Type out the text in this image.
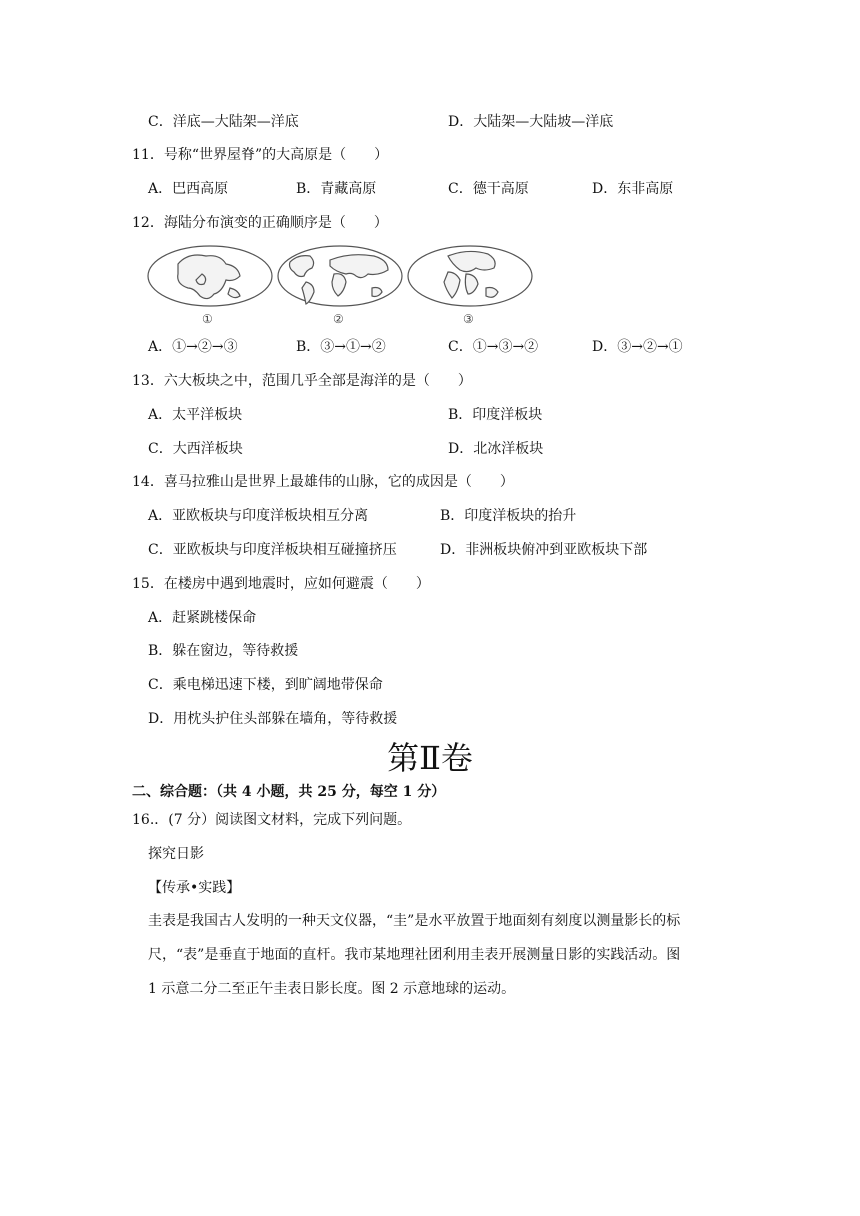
C．洋底—大陆架—洋底	D．大陆架—大陆坡—洋底
11．号称“世界屋脊”的大高原是（　　）
A．巴西高原	B．青藏高原	C．德干高原	D．东非高原
12．海陆分布演变的正确顺序是（　　）
①	②	③
A．①→②→③	B．③→①→②	C．①→③→②	D．③→②→①
13．六大板块之中，范围几乎全部是海洋的是（　　）
A．太平洋板块	B．印度洋板块
C．大西洋板块	D．北冰洋板块
14．喜马拉雅山是世界上最雄伟的山脉，它的成因是（　　）
A．亚欧板块与印度洋板块相互分离	B．印度洋板块的抬升
C．亚欧板块与印度洋板块相互碰撞挤压	D．非洲板块俯冲到亚欧板块下部
15．在楼房中遇到地震时，应如何避震（　　）
A．赶紧跳楼保命
B．躲在窗边，等待救援
C．乘电梯迅速下楼，到旷阔地带保命
D．用枕头护住头部躲在墙角，等待救援
第Ⅱ卷
二、综合题：（共 4 小题，共 25 分，每空 1 分）
16.．(7 分）阅读图文材料，完成下列问题。
探究日影
【传承•实践】
圭表是我国古人发明的一种天文仪器，“圭”是水平放置于地面刻有刻度以测量影长的标
尺，“表”是垂直于地面的直杆。我市某地理社团利用圭表开展测量日影的实践活动。图
1 示意二分二至正午圭表日影长度。图 2 示意地球的运动。
